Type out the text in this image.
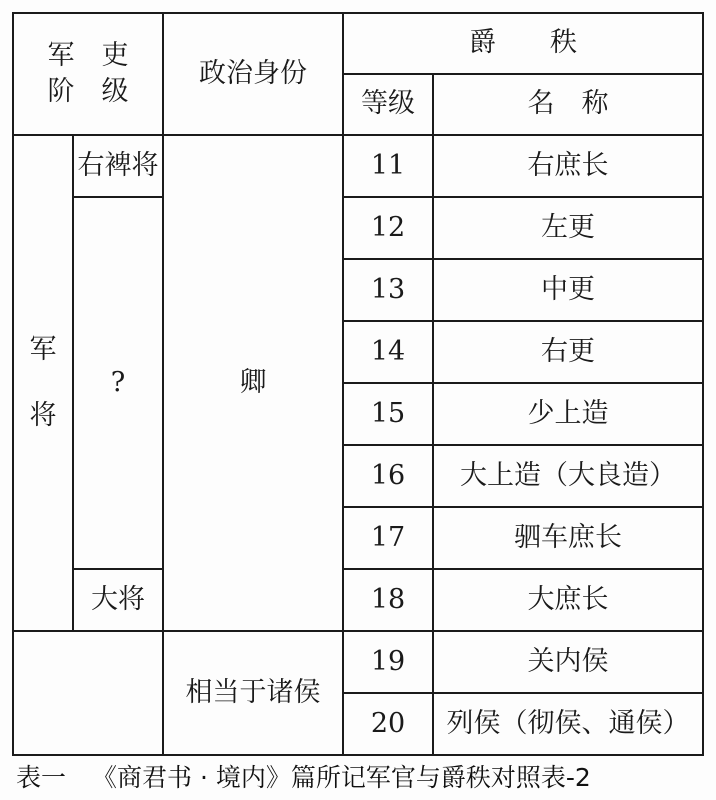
军　吏
阶　级		政治身份	爵　　秩	
			等级	名　称

军
将	右裨将	卿	11	右庶长
	?		12	左更
			13	中更
			14	右更
			15	少上造
			16	大上造（大良造）
			17	驷车庶长
	大将		18	大庶长
		相当于诸侯	19	关内侯
			20	列侯（彻侯、通侯）
表一 《商君书 · 境内》篇所记军官与爵秩对照表-2
